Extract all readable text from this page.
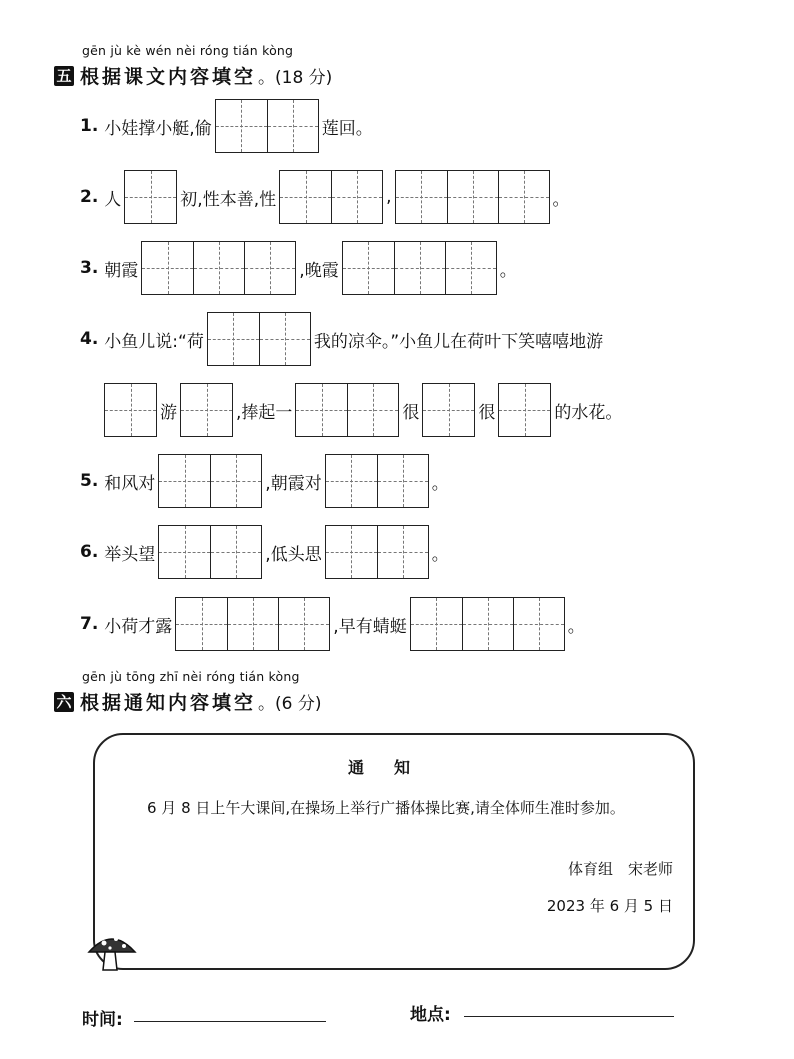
gēn jù kè wén nèi róng tián kòng
五 根据课文内容填空 。(18 分)
1. 小娃撑小艇,偷	莲回。
2. 人	初,性本善,性	,	。
3. 朝霞	,晚霞	。
4. 小鱼儿说:“荷	我的凉伞。”小鱼儿在荷叶下笑嘻嘻地游
游	,捧起一	很	很	的水花。
5. 和风对	,朝霞对	。
6. 举头望	,低头思	。
7. 小荷才露	,早有蜻蜓	。
gēn jù tōng zhī nèi róng tián kòng
六 根据通知内容填空 。(6 分)
通知
6 月 8 日上午大课间,在操场上举行广播体操比赛,请全体师生准时参加。
体育组　宋老师
2023 年 6 月 5 日
时间:	地点:
